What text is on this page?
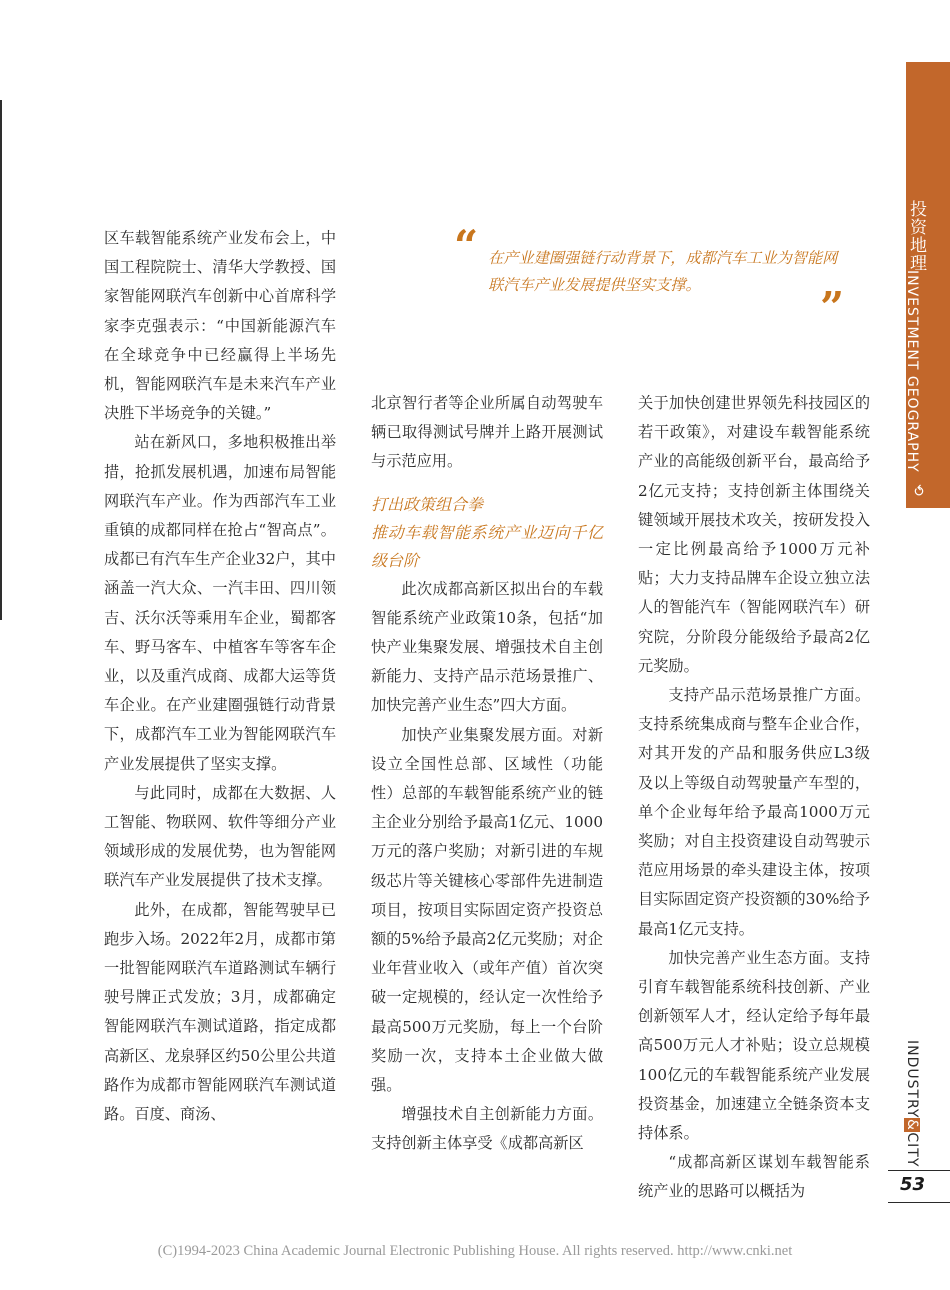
投资地理
INVESTMENT GEOGRAPHY
⟲
INDUSTRY&CITY
53
“ 在产业建圈强链行动背景下，成都汽车工业为智能网联汽车产业发展提供坚实支撑。	”

区车载智能系统产业发布会上，中国工程院院士、清华大学教授、国家智能网联汽车创新中心首席科学家李克强表示：“中国新能源汽车在全球竞争中已经赢得上半场先机，智能网联汽车是未来汽车产业决胜下半场竞争的关键。”

站在新风口，多地积极推出举措，抢抓发展机遇，加速布局智能网联汽车产业。作为西部汽车工业重镇的成都同样在抢占“智高点”。成都已有汽车生产企业32户，其中涵盖一汽大众、一汽丰田、四川领吉、沃尔沃等乘用车企业，蜀都客车、野马客车、中植客车等客车企业，以及重汽成商、成都大运等货车企业。在产业建圈强链行动背景下，成都汽车工业为智能网联汽车产业发展提供了坚实支撑。

与此同时，成都在大数据、人工智能、物联网、软件等细分产业领域形成的发展优势，也为智能网联汽车产业发展提供了技术支撑。

此外，在成都，智能驾驶早已跑步入场。2022年2月，成都市第一批智能网联汽车道路测试车辆行驶号牌正式发放；3月，成都确定智能网联汽车测试道路，指定成都高新区、龙泉驿区约50公里公共道路作为成都市智能网联汽车测试道路。百度、商汤、

北京智行者等企业所属自动驾驶车辆已取得测试号牌并上路开展测试与示范应用。

打出政策组合拳
推动车载智能系统产业迈向千亿级台阶

此次成都高新区拟出台的车载智能系统产业政策10条，包括“加快产业集聚发展、增强技术自主创新能力、支持产品示范场景推广、加快完善产业生态”四大方面。

加快产业集聚发展方面。对新设立全国性总部、区域性（功能性）总部的车载智能系统产业的链主企业分别给予最高1亿元、1000万元的落户奖励；对新引进的车规级芯片等关键核心零部件先进制造项目，按项目实际固定资产投资总额的5%给予最高2亿元奖励；对企业年营业收入（或年产值）首次突破一定规模的，经认定一次性给予最高500万元奖励，每上一个台阶奖励一次，支持本土企业做大做强。

增强技术自主创新能力方面。支持创新主体享受《成都高新区

关于加快创建世界领先科技园区的若干政策》，对建设车载智能系统产业的高能级创新平台，最高给予2亿元支持；支持创新主体围绕关键领域开展技术攻关，按研发投入一定比例最高给予1000万元补贴；大力支持品牌车企设立独立法人的智能汽车（智能网联汽车）研究院，分阶段分能级给予最高2亿元奖励。

支持产品示范场景推广方面。支持系统集成商与整车企业合作，对其开发的产品和服务供应L3级及以上等级自动驾驶量产车型的，单个企业每年给予最高1000万元奖励；对自主投资建设自动驾驶示范应用场景的牵头建设主体，按项目实际固定资产投资额的30%给予最高1亿元支持。

加快完善产业生态方面。支持引育车载智能系统科技创新、产业创新领军人才，经认定给予每年最高500万元人才补贴；设立总规模100亿元的车载智能系统产业发展投资基金，加速建立全链条资本支持体系。

“成都高新区谋划车载智能系统产业的思路可以概括为

(C)1994-2023 China Academic Journal Electronic Publishing House. All rights reserved. http://www.cnki.net
